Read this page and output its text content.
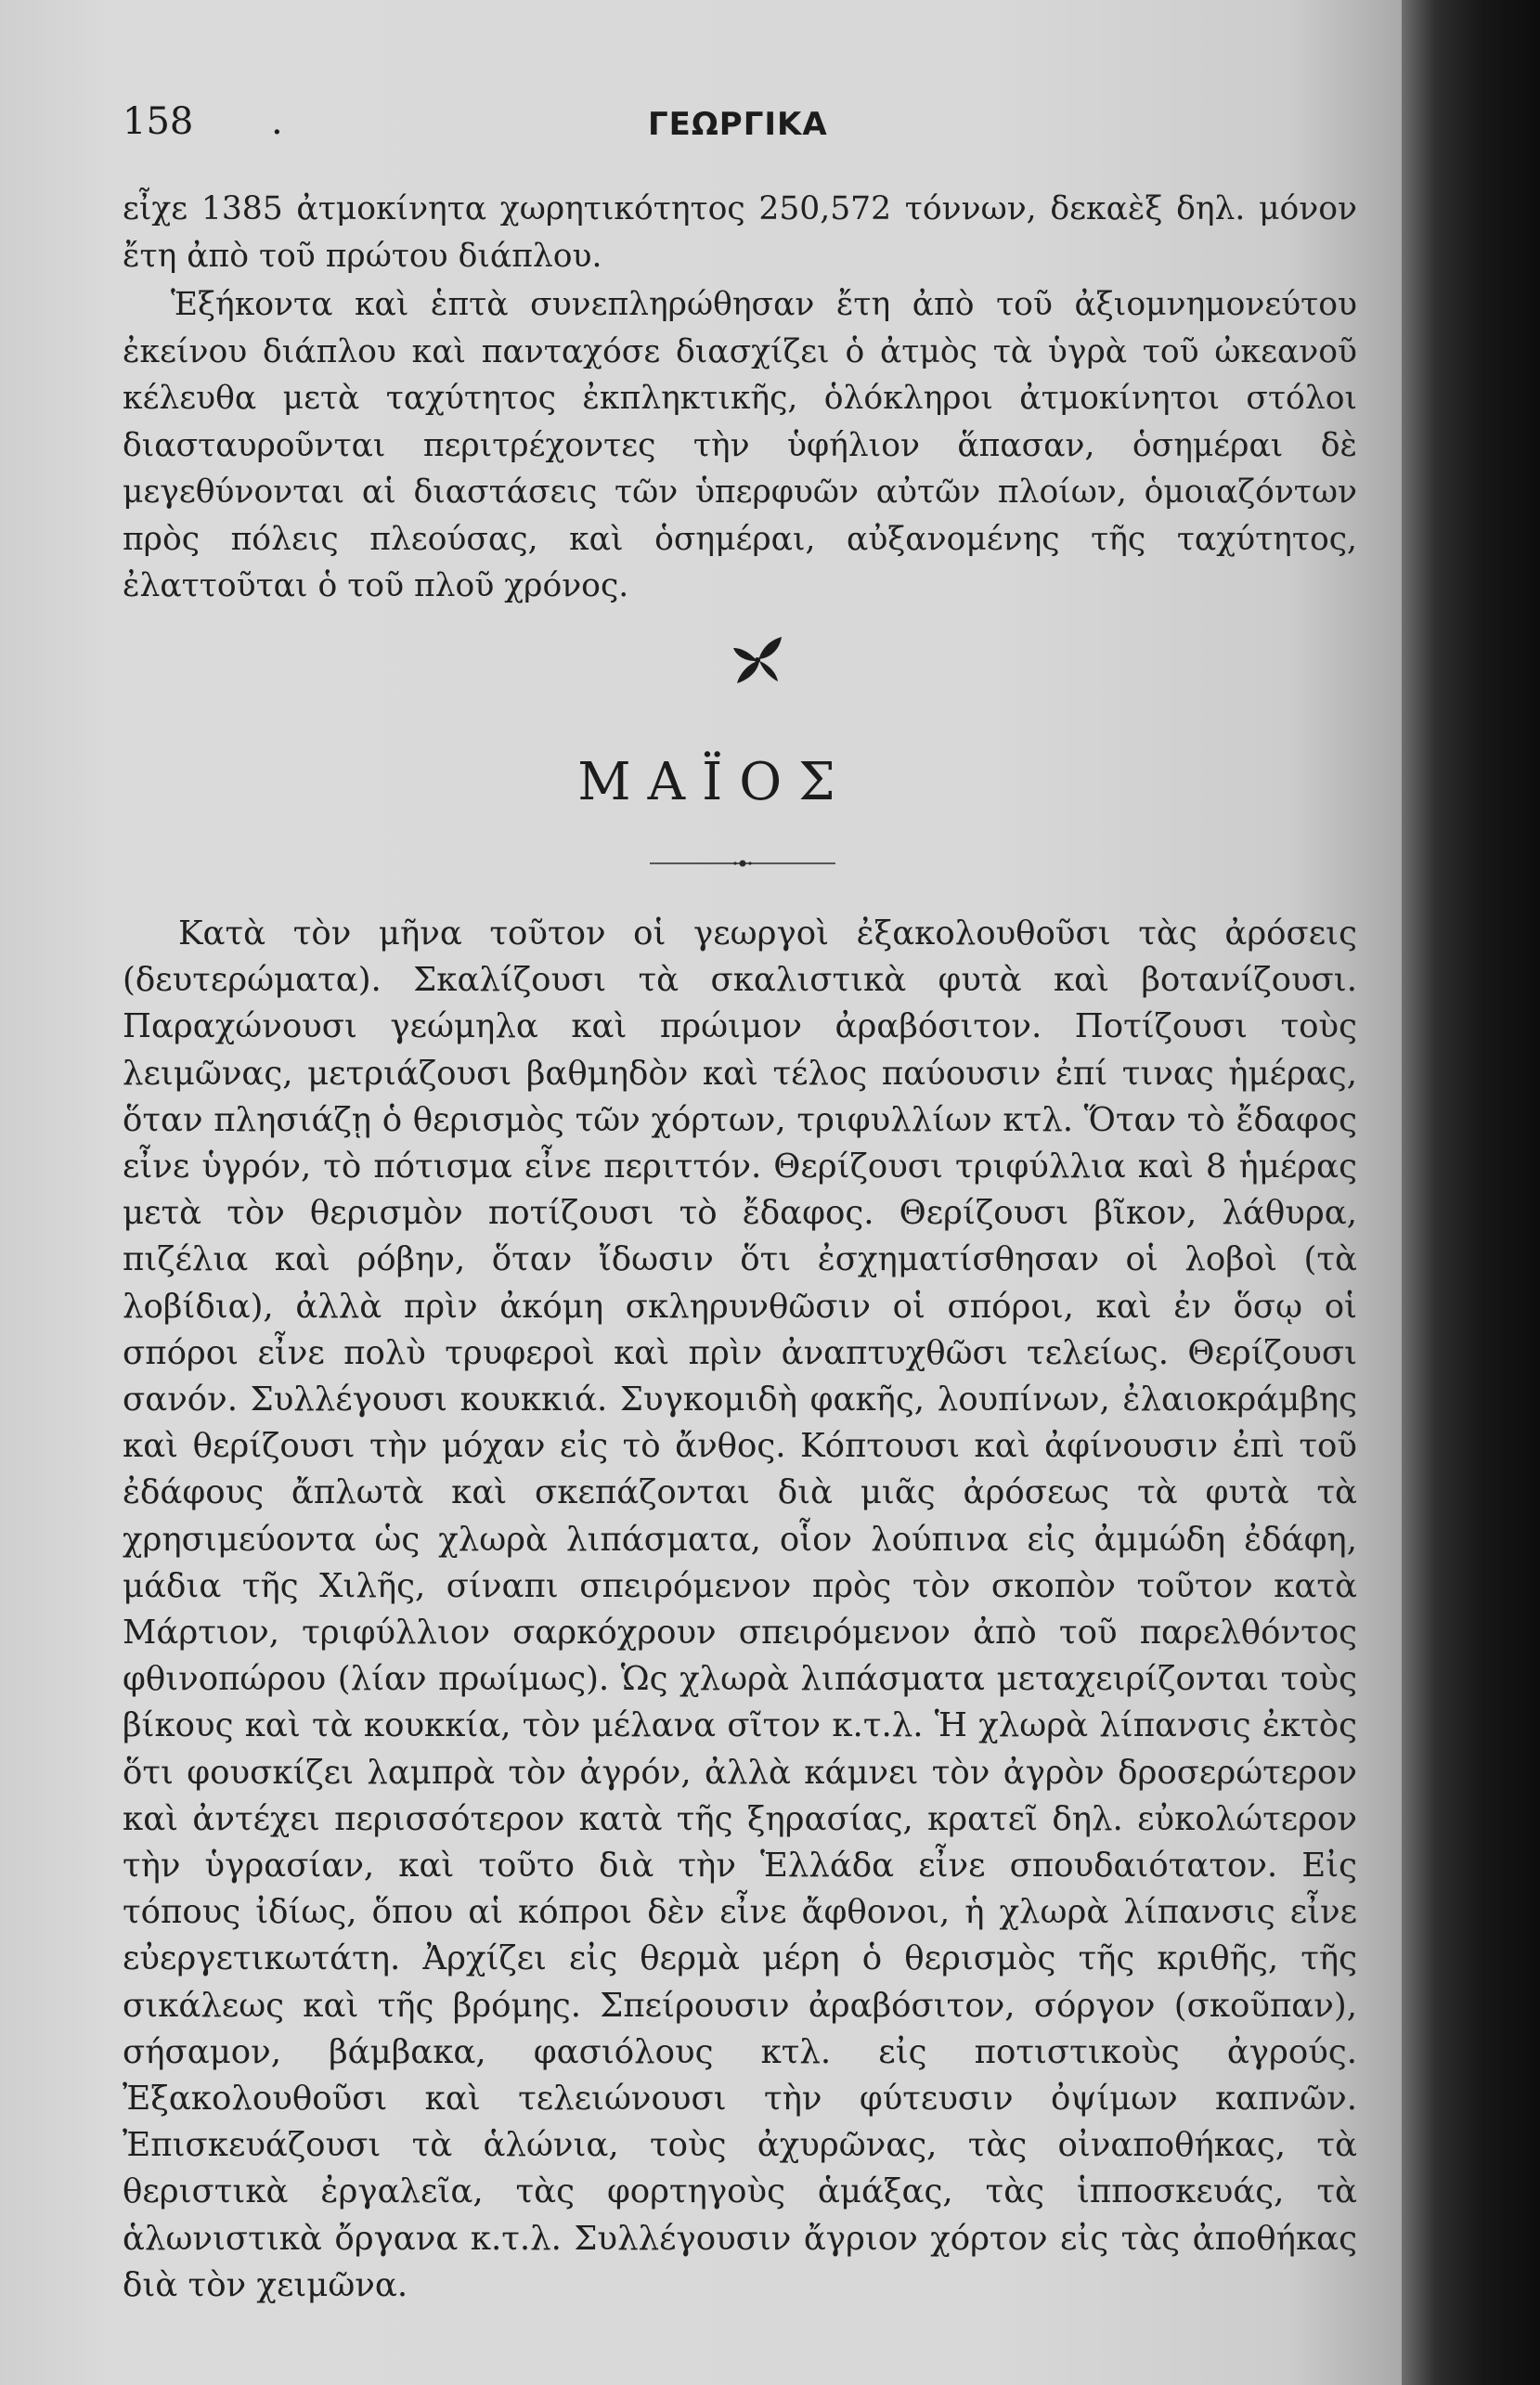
158 .	ΓΕΩΡΓΙΚΑ

εἶχε 1385 ἀτμοκίνητα χωρητικότητος 250,572 τόννων, δεκαὲξ δηλ. μόνον ἔτη ἀπὸ τοῦ πρώτου διάπλου.

Ἑξήκοντα καὶ ἑπτὰ συνεπληρώθησαν ἔτη ἀπὸ τοῦ ἀξιομνημονεύτου ἐκείνου διάπλου καὶ πανταχόσε διασχίζει ὁ ἀτμὸς τὰ ὑγρὰ τοῦ ὠκεανοῦ κέλευθα μετὰ ταχύτητος ἐκπληκτικῆς, ὁλόκληροι ἀτμοκίνητοι στόλοι διασταυροῦνται περιτρέχοντες τὴν ὑφήλιον ἅπασαν, ὁσημέραι δὲ μεγεθύνονται αἱ διαστάσεις τῶν ὑπερφυῶν αὐτῶν πλοίων, ὁμοιαζόντων πρὸς πόλεις πλεούσας, καὶ ὁσημέραι, αὐξανομένης τῆς ταχύτητος, ἐλαττοῦται ὁ τοῦ πλοῦ χρόνος.

ΜΑΪΟΣ

Κατὰ τὸν μῆνα τοῦτον οἱ γεωργοὶ ἐξακολουθοῦσι τὰς ἀρόσεις (δευτερώματα). Σκαλίζουσι τὰ σκαλιστικὰ φυτὰ καὶ βοτανίζουσι. Παραχώνουσι γεώμηλα καὶ πρώιμον ἀραβόσιτον. Ποτίζουσι τοὺς λειμῶνας, μετριάζουσι βαθμηδὸν καὶ τέλος παύουσιν ἐπί τινας ἡμέρας, ὅταν πλησιάζῃ ὁ θερισμὸς τῶν χόρτων, τριφυλλίων κτλ. Ὅταν τὸ ἔδαφος εἶνε ὑγρόν, τὸ πότισμα εἶνε περιττόν. Θερίζουσι τριφύλλια καὶ 8 ἡμέρας μετὰ τὸν θερισμὸν ποτίζουσι τὸ ἔδαφος. Θερίζουσι βῖκον, λάθυρα, πιζέλια καὶ ρόβην, ὅταν ἴδωσιν ὅτι ἐσχηματίσθησαν οἱ λοβοὶ (τὰ λοβίδια), ἀλλὰ πρὶν ἀκόμη σκληρυνθῶσιν οἱ σπόροι, καὶ ἐν ὅσῳ οἱ σπόροι εἶνε πολὺ τρυφεροὶ καὶ πρὶν ἀναπτυχθῶσι τελείως. Θερίζουσι σανόν. Συλλέγουσι κουκκιά. Συγκομιδὴ φακῆς, λουπίνων, ἐλαιοκράμβης καὶ θερίζουσι τὴν μόχαν εἰς τὸ ἄνθος. Κόπτουσι καὶ ἀφίνουσιν ἐπὶ τοῦ ἐδάφους ἄπλωτὰ καὶ σκεπάζονται διὰ μιᾶς ἀρόσεως τὰ φυτὰ τὰ χρησιμεύοντα ὡς χλωρὰ λιπάσματα, οἷον λούπινα εἰς ἀμμώδη ἐδάφη, μάδια τῆς Χιλῆς, σίναπι σπειρόμενον πρὸς τὸν σκοπὸν τοῦτον κατὰ Μάρτιον, τριφύλλιον σαρκόχρουν σπειρόμενον ἀπὸ τοῦ παρελθόντος φθινοπώρου (λίαν πρωίμως). Ὡς χλωρὰ λιπάσματα μεταχειρίζονται τοὺς βίκους καὶ τὰ κουκκία, τὸν μέλανα σῖτον κ.τ.λ. Ἡ χλωρὰ λίπανσις ἐκτὸς ὅτι φουσκίζει λαμπρὰ τὸν ἀγρόν, ἀλλὰ κάμνει τὸν ἀγρὸν δροσερώτερον καὶ ἀντέχει περισσότερον κατὰ τῆς ξηρασίας, κρατεῖ δηλ. εὐκολώτερον τὴν ὑγρασίαν, καὶ τοῦτο διὰ τὴν Ἑλλάδα εἶνε σπουδαιότατον. Εἰς τόπους ἰδίως, ὅπου αἱ κόπροι δὲν εἶνε ἄφθονοι, ἡ χλωρὰ λίπανσις εἶνε εὐεργετικωτάτη. Ἀρχίζει εἰς θερμὰ μέρη ὁ θερισμὸς τῆς κριθῆς, τῆς σικάλεως καὶ τῆς βρόμης. Σπείρουσιν ἀραβόσιτον, σόργον (σκοῦπαν), σήσαμον, βάμβακα, φασιόλους κτλ. εἰς ποτιστικοὺς ἀγρούς. Ἐξακολουθοῦσι καὶ τελειώνουσι τὴν φύτευσιν ὀψίμων καπνῶν. Ἐπισκευάζουσι τὰ ἁλώνια, τοὺς ἀχυρῶνας, τὰς οἰναποθήκας, τὰ θεριστικὰ ἐργαλεῖα, τὰς φορτηγοὺς ἁμάξας, τὰς ἱπποσκευάς, τὰ ἁλωνιστικὰ ὄργανα κ.τ.λ. Συλλέγουσιν ἄγριον χόρτον εἰς τὰς ἀποθήκας διὰ τὸν χειμῶνα.
